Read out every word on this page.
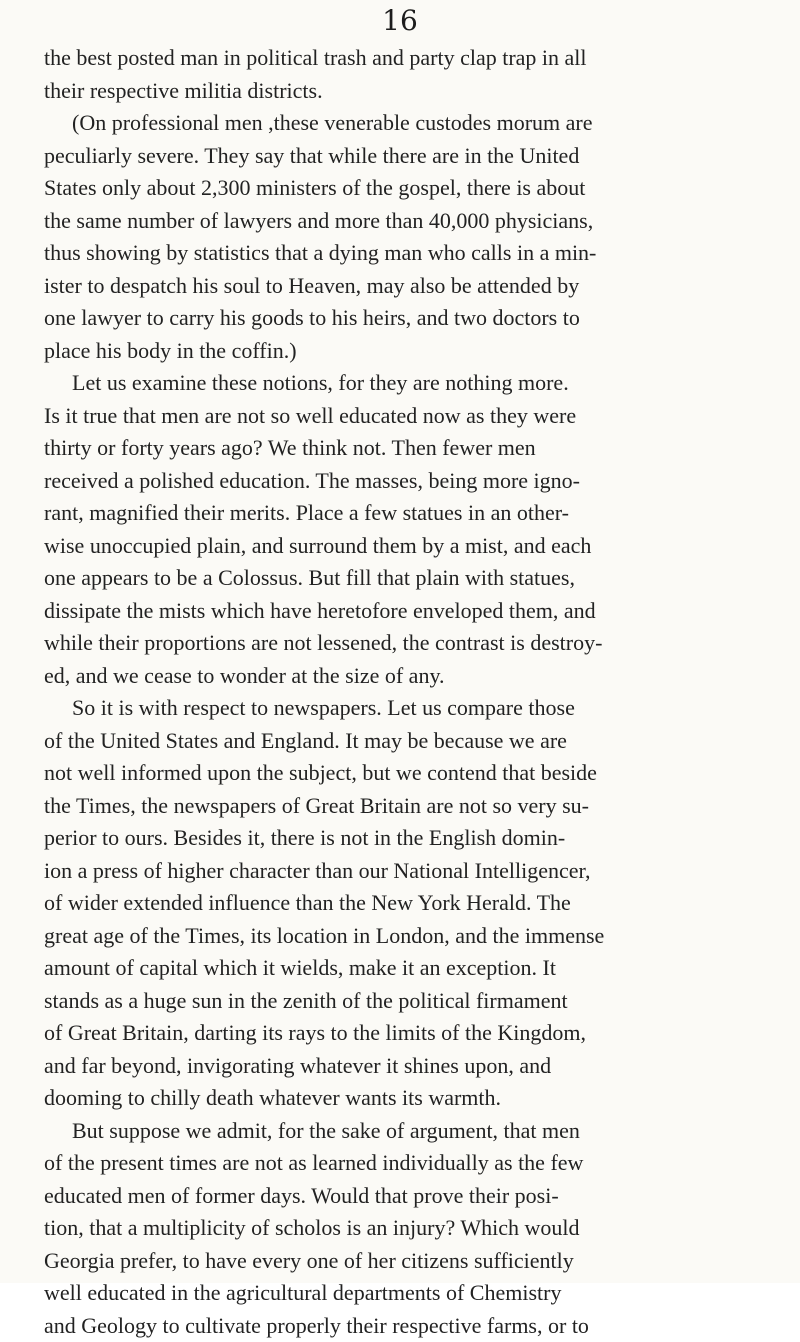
16
the best posted man in political trash and party clap trap in all
their respective militia districts.
(On professional men ,these venerable custodes morum are
peculiarly severe. They say that while there are in the United
States only about 2,300 ministers of the gospel, there is about
the same number of lawyers and more than 40,000 physicians,
thus showing by statistics that a dying man who calls in a min-
ister to despatch his soul to Heaven, may also be attended by
one lawyer to carry his goods to his heirs, and two doctors to
place his body in the coffin.)
Let us examine these notions, for they are nothing more.
Is it true that men are not so well educated now as they were
thirty or forty years ago? We think not. Then fewer men
received a polished education. The masses, being more igno-
rant, magnified their merits. Place a few statues in an other-
wise unoccupied plain, and surround them by a mist, and each
one appears to be a Colossus. But fill that plain with statues,
dissipate the mists which have heretofore enveloped them, and
while their proportions are not lessened, the contrast is destroy-
ed, and we cease to wonder at the size of any.
So it is with respect to newspapers. Let us compare those
of the United States and England. It may be because we are
not well informed upon the subject, but we contend that beside
the Times, the newspapers of Great Britain are not so very su-
perior to ours. Besides it, there is not in the English domin-
ion a press of higher character than our National Intelligencer,
of wider extended influence than the New York Herald. The
great age of the Times, its location in London, and the immense
amount of capital which it wields, make it an exception. It
stands as a huge sun in the zenith of the political firmament
of Great Britain, darting its rays to the limits of the Kingdom,
and far beyond, invigorating whatever it shines upon, and
dooming to chilly death whatever wants its warmth.
But suppose we admit, for the sake of argument, that men
of the present times are not as learned individually as the few
educated men of former days. Would that prove their posi-
tion, that a multiplicity of scholos is an injury? Which would
Georgia prefer, to have every one of her citizens sufficiently
well educated in the agricultural departments of Chemistry
and Geology to cultivate properly their respective farms, or to
